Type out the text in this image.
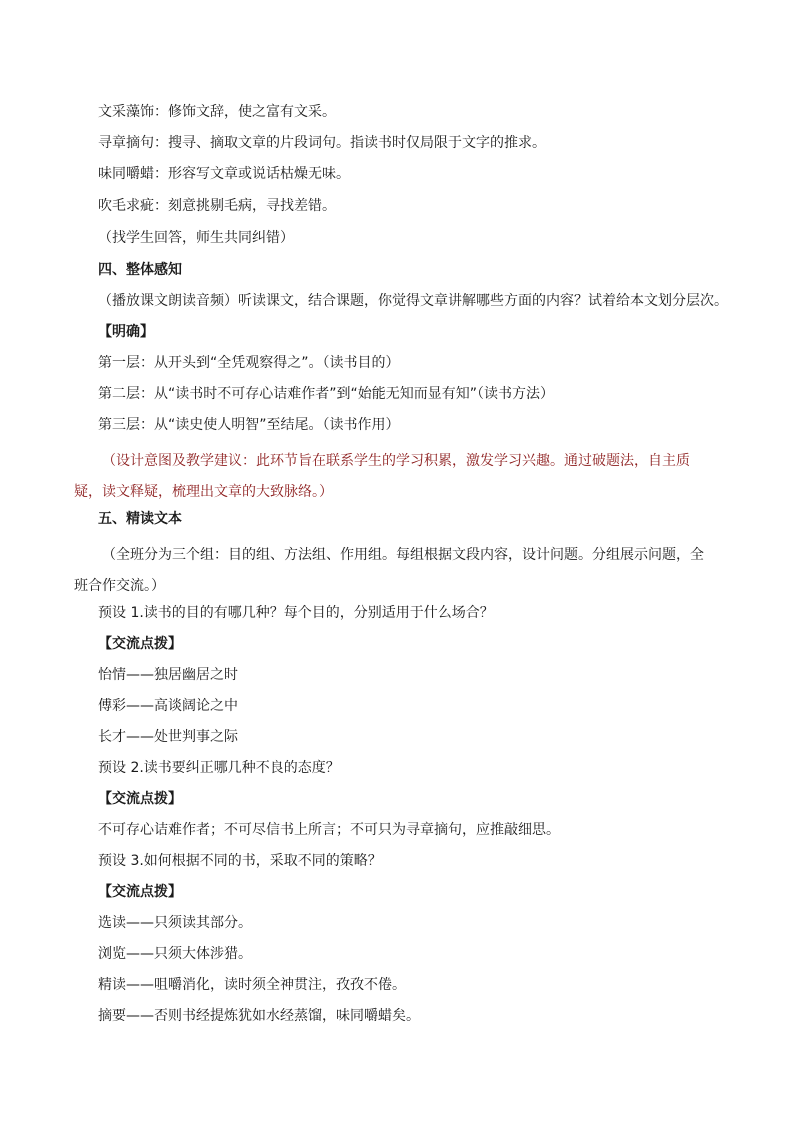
文采藻饰：修饰文辞，使之富有文采。
寻章摘句：搜寻、摘取文章的片段词句。指读书时仅局限于文字的推求。
味同嚼蜡：形容写文章或说话枯燥无味。
吹毛求疵：刻意挑剔毛病，寻找差错。
（找学生回答，师生共同纠错）
四、整体感知
（播放课文朗读音频）听读课文，结合课题，你觉得文章讲解哪些方面的内容？试着给本文划分层次。
【明确】
第一层：从开头到“全凭观察得之”。（读书目的）
第二层：从“读书时不可存心诘难作者”到“始能无知而显有知”（读书方法）
第三层：从“读史使人明智”至结尾。（读书作用）
（设计意图及教学建议：此环节旨在联系学生的学习积累，激发学习兴趣。通过破题法，自主质疑，读文释疑，梳理出文章的大致脉络。）
五、精读文本
（全班分为三个组：目的组、方法组、作用组。每组根据文段内容，设计问题。分组展示问题，全班合作交流。）
预设 1.读书的目的有哪几种？每个目的，分别适用于什么场合？
【交流点拨】
怡情——独居幽居之时
傅彩——高谈阔论之中
长才——处世判事之际
预设 2.读书要纠正哪几种不良的态度？
【交流点拨】
不可存心诘难作者；不可尽信书上所言；不可只为寻章摘句，应推敲细思。
预设 3.如何根据不同的书，采取不同的策略？
【交流点拨】
选读——只须读其部分。
浏览——只须大体涉猎。
精读——咀嚼消化，读时须全神贯注，孜孜不倦。
摘要——否则书经提炼犹如水经蒸馏，味同嚼蜡矣。
